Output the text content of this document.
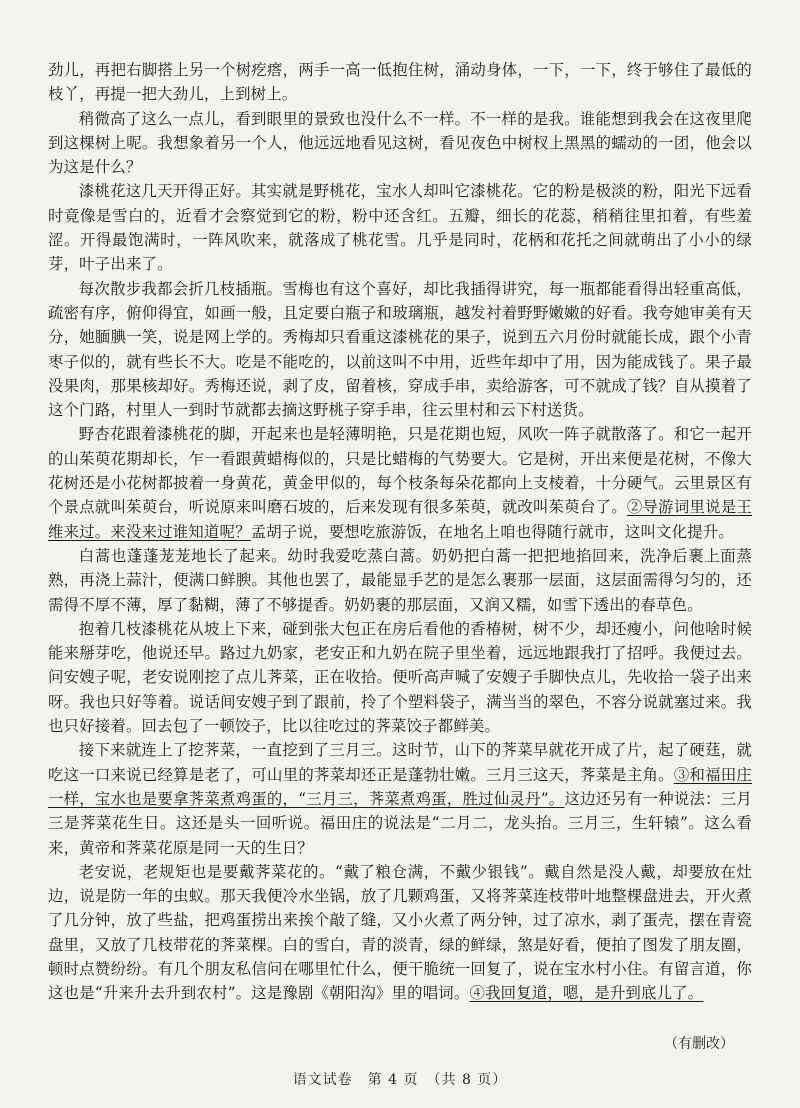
劲儿，再把右脚搭上另一个树疙瘩，两手一高一低抱住树，涌动身体，一下，一下，终于够住了最低的枝丫，再提一把大劲儿，上到树上。

稍微高了这么一点儿，看到眼里的景致也没什么不一样。不一样的是我。谁能想到我会在这夜里爬到这棵树上呢。我想象着另一个人，他远远地看见这树，看见夜色中树杈上黑黑的蠕动的一团，他会以为这是什么？

漆桃花这几天开得正好。其实就是野桃花，宝水人却叫它漆桃花。它的粉是极淡的粉，阳光下远看时竟像是雪白的，近看才会察觉到它的粉，粉中还含红。五瓣，细长的花蕊，稍稍往里扣着，有些羞涩。开得最饱满时，一阵风吹来，就落成了桃花雪。几乎是同时，花柄和花托之间就萌出了小小的绿芽，叶子出来了。

每次散步我都会折几枝插瓶。雪梅也有这个喜好，却比我插得讲究，每一瓶都能看得出轻重高低，疏密有序，俯仰得宜，如画一般，且定要白瓶子和玻璃瓶，越发衬着野野嫩嫩的好看。我夸她审美有天分，她腼腆一笑，说是网上学的。秀梅却只看重这漆桃花的果子，说到五六月份时就能长成，跟个小青枣子似的，就有些长不大。吃是不能吃的，以前这叫不中用，近些年却中了用，因为能成钱了。果子最没果肉，那果核却好。秀梅还说，剥了皮，留着核，穿成手串，卖给游客，可不就成了钱？自从摸着了这个门路，村里人一到时节就都去摘这野桃子穿手串，往云里村和云下村送货。

野杏花跟着漆桃花的脚，开起来也是轻薄明艳，只是花期也短，风吹一阵子就散落了。和它一起开的山茱萸花期却长，乍一看跟黄蜡梅似的，只是比蜡梅的气势要大。它是树，开出来便是花树，不像大花树还是小花树都披着一身黄花，黄金甲似的，每个枝条每朵花都向上支棱着，十分硬气。云里景区有个景点就叫茱萸台，听说原来叫磨石坡的，后来发现有很多茱萸，就改叫茱萸台了。②导游词里说是王维来过。来没来过谁知道呢？孟胡子说，要想吃旅游饭，在地名上咱也得随行就市，这叫文化提升。

白蒿也蓬蓬茏茏地长了起来。幼时我爱吃蒸白蒿。奶奶把白蒿一把把地掐回来，洗净后裹上面蒸熟，再浇上蒜汁，便满口鲜腴。其他也罢了，最能显手艺的是怎么裹那一层面，这层面需得匀匀的，还需得不厚不薄，厚了黏糊，薄了不够提香。奶奶裹的那层面，又润又糯，如雪下透出的春草色。

抱着几枝漆桃花从坡上下来，碰到张大包正在房后看他的香椿树，树不少，却还瘦小，问他啥时候能来掰芽吃，他说还早。路过九奶家，老安正和九奶在院子里坐着，远远地跟我打了招呼。我便过去。问安嫂子呢，老安说刚挖了点儿荠菜，正在收拾。便听高声喊了安嫂子手脚快点儿，先收拾一袋子出来呀。我也只好等着。说话间安嫂子到了跟前，拎了个塑料袋子，满当当的翠色，不容分说就塞过来。我也只好接着。回去包了一顿饺子，比以往吃过的荠菜饺子都鲜美。

接下来就连上了挖荠菜，一直挖到了三月三。这时节，山下的荠菜早就花开成了片，起了硬莛，就吃这一口来说已经算是老了，可山里的荠菜却还正是蓬勃壮嫩。三月三这天，荠菜是主角。③和福田庄一样，宝水也是要拿荠菜煮鸡蛋的，“三月三，荠菜煮鸡蛋，胜过仙灵丹”。这边还另有一种说法：三月三是荠菜花生日。这还是头一回听说。福田庄的说法是“二月二，龙头抬。三月三，生轩辕”。这么看来，黄帝和荠菜花原是同一天的生日？

老安说，老规矩也是要戴荠菜花的。“戴了粮仓满，不戴少银钱”。戴自然是没人戴，却要放在灶边，说是防一年的虫蚁。那天我便冷水坐锅，放了几颗鸡蛋，又将荠菜连枝带叶地整棵盘进去，开火煮了几分钟，放了些盐，把鸡蛋捞出来挨个敲了缝，又小火煮了两分钟，过了凉水，剥了蛋壳，摆在青瓷盘里，又放了几枝带花的荠菜棵。白的雪白，青的淡青，绿的鲜绿，煞是好看，便拍了图发了朋友圈，顿时点赞纷纷。有几个朋友私信问在哪里忙什么，便干脆统一回复了，说在宝水村小住。有留言道，你这也是“升来升去升到农村”。这是豫剧《朝阳沟》里的唱词。④我回复道，嗯，是升到底儿了。

（有删改）
语文试卷　第 4 页　（共 8 页）
